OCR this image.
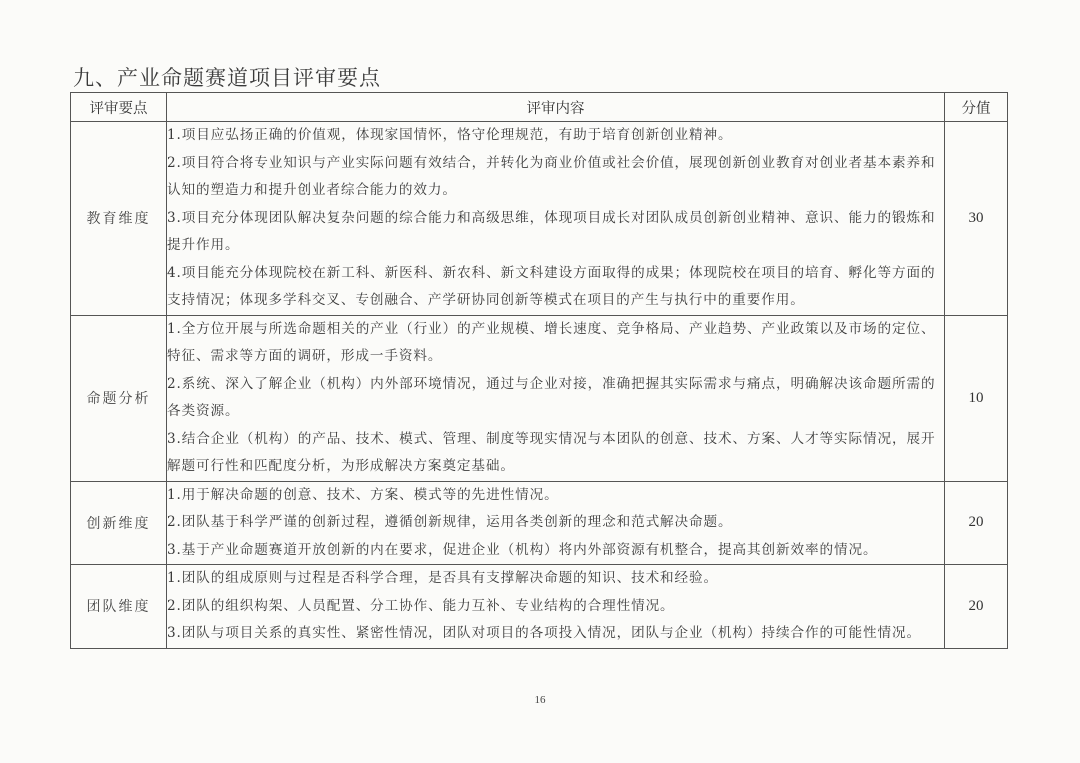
九、产业命题赛道项目评审要点
评审要点	评审内容	分值
教育维度	1.项目应弘扬正确的价值观，体现家国情怀，恪守伦理规范，有助于培育创新创业精神。
2.项目符合将专业知识与产业实际问题有效结合，并转化为商业价值或社会价值，展现创新创业教育对创业者基本素养和认知的塑造力和提升创业者综合能力的效力。
3.项目充分体现团队解决复杂问题的综合能力和高级思维，体现项目成长对团队成员创新创业精神、意识、能力的锻炼和提升作用。
4.项目能充分体现院校在新工科、新医科、新农科、新文科建设方面取得的成果；体现院校在项目的培育、孵化等方面的支持情况；体现多学科交叉、专创融合、产学研协同创新等模式在项目的产生与执行中的重要作用。	30
命题分析	1.全方位开展与所选命题相关的产业（行业）的产业规模、增长速度、竞争格局、产业趋势、产业政策以及市场的定位、特征、需求等方面的调研，形成一手资料。
2.系统、深入了解企业（机构）内外部环境情况，通过与企业对接，准确把握其实际需求与痛点，明确解决该命题所需的各类资源。
3.结合企业（机构）的产品、技术、模式、管理、制度等现实情况与本团队的创意、技术、方案、人才等实际情况，展开解题可行性和匹配度分析，为形成解决方案奠定基础。	10
创新维度	1.用于解决命题的创意、技术、方案、模式等的先进性情况。
2.团队基于科学严谨的创新过程，遵循创新规律，运用各类创新的理念和范式解决命题。
3.基于产业命题赛道开放创新的内在要求，促进企业（机构）将内外部资源有机整合，提高其创新效率的情况。	20
团队维度	1.团队的组成原则与过程是否科学合理，是否具有支撑解决命题的知识、技术和经验。
2.团队的组织构架、人员配置、分工协作、能力互补、专业结构的合理性情况。
3.团队与项目关系的真实性、紧密性情况，团队对项目的各项投入情况，团队与企业（机构）持续合作的可能性情况。	20
16
